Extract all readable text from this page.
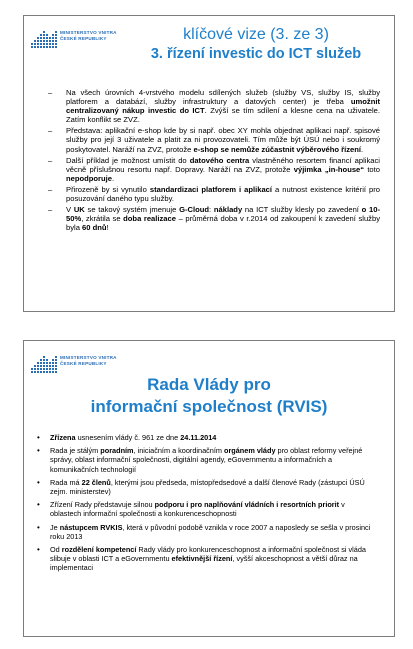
MINISTERSTVO VNITRA
ČESKÉ REPUBLIKY	klíčové vize (3. ze 3)
3. řízení investic do ICT služeb
– Na všech úrovních 4-vrstvého modelu sdílených služeb (služby VS, služby IS, služby platforem a databází, služby infrastruktury a datových center) je třeba umožnit centralizovaný nákup investic do ICT. Zvýší se tím sdílení a klesne cena na uživatele. Zatím konflikt se ZVZ.
– Představa: aplikační e-shop kde by si např. obec XY mohla objednat aplikaci např. spisové služby pro její 3 uživatele a platit za ni provozovateli. Tím může být ÚSÚ nebo i soukromý poskytovatel. Naráží na ZVZ, protože e-shop se nemůže zúčastnit výběrového řízení.
– Další příklad je možnost umístit do datového centra vlastněného resortem financí aplikaci věcně příslušnou resortu např. Dopravy. Naráží na ZVZ, protože výjimka „in-house“ toto nepodporuje.
– Přirozeně by si vynutilo standardizaci platforem i aplikací a nutnost existence kritérií pro posuzování daného typu služby.
– V UK se takový systém jmenuje G-Cloud: náklady na ICT služby klesly po zavedení o 10-50%, zkrátila se doba realizace – průměrná doba v r.2014 od zakoupení k zavedení služby byla 60 dnů!
MINISTERSTVO VNITRA
ČESKÉ REPUBLIKY
Rada Vlády pro
informační společnost (RVIS)
• Zřízena usnesením vlády č. 961 ze dne 24.11.2014
• Rada je stálým poradním, iniciačním a koordinačním orgánem vlády pro oblast reformy veřejné správy, oblast informační společnosti, digitální agendy, eGovernmentu a informačních a komunikačních technologií
• Rada má 22 členů, kterými jsou předseda, místopředsedové a další členové Rady (zástupci ÚSÚ zejm. ministerstev)
• Zřízení Rady představuje silnou podporu i pro naplňování vládních i resortních priorit v oblastech informační společnosti a konkurenceschopnosti
• Je nástupcem RVKIS, která v původní podobě vznikla v roce 2007 a naposledy se sešla v prosinci roku 2013
• Od rozdělení kompetencí Rady vlády pro konkurenceschopnost a informační společnost si vláda slibuje v oblasti ICT a eGovernmentu efektivnější řízení, vyšší akceschopnost a větší důraz na implementaci
